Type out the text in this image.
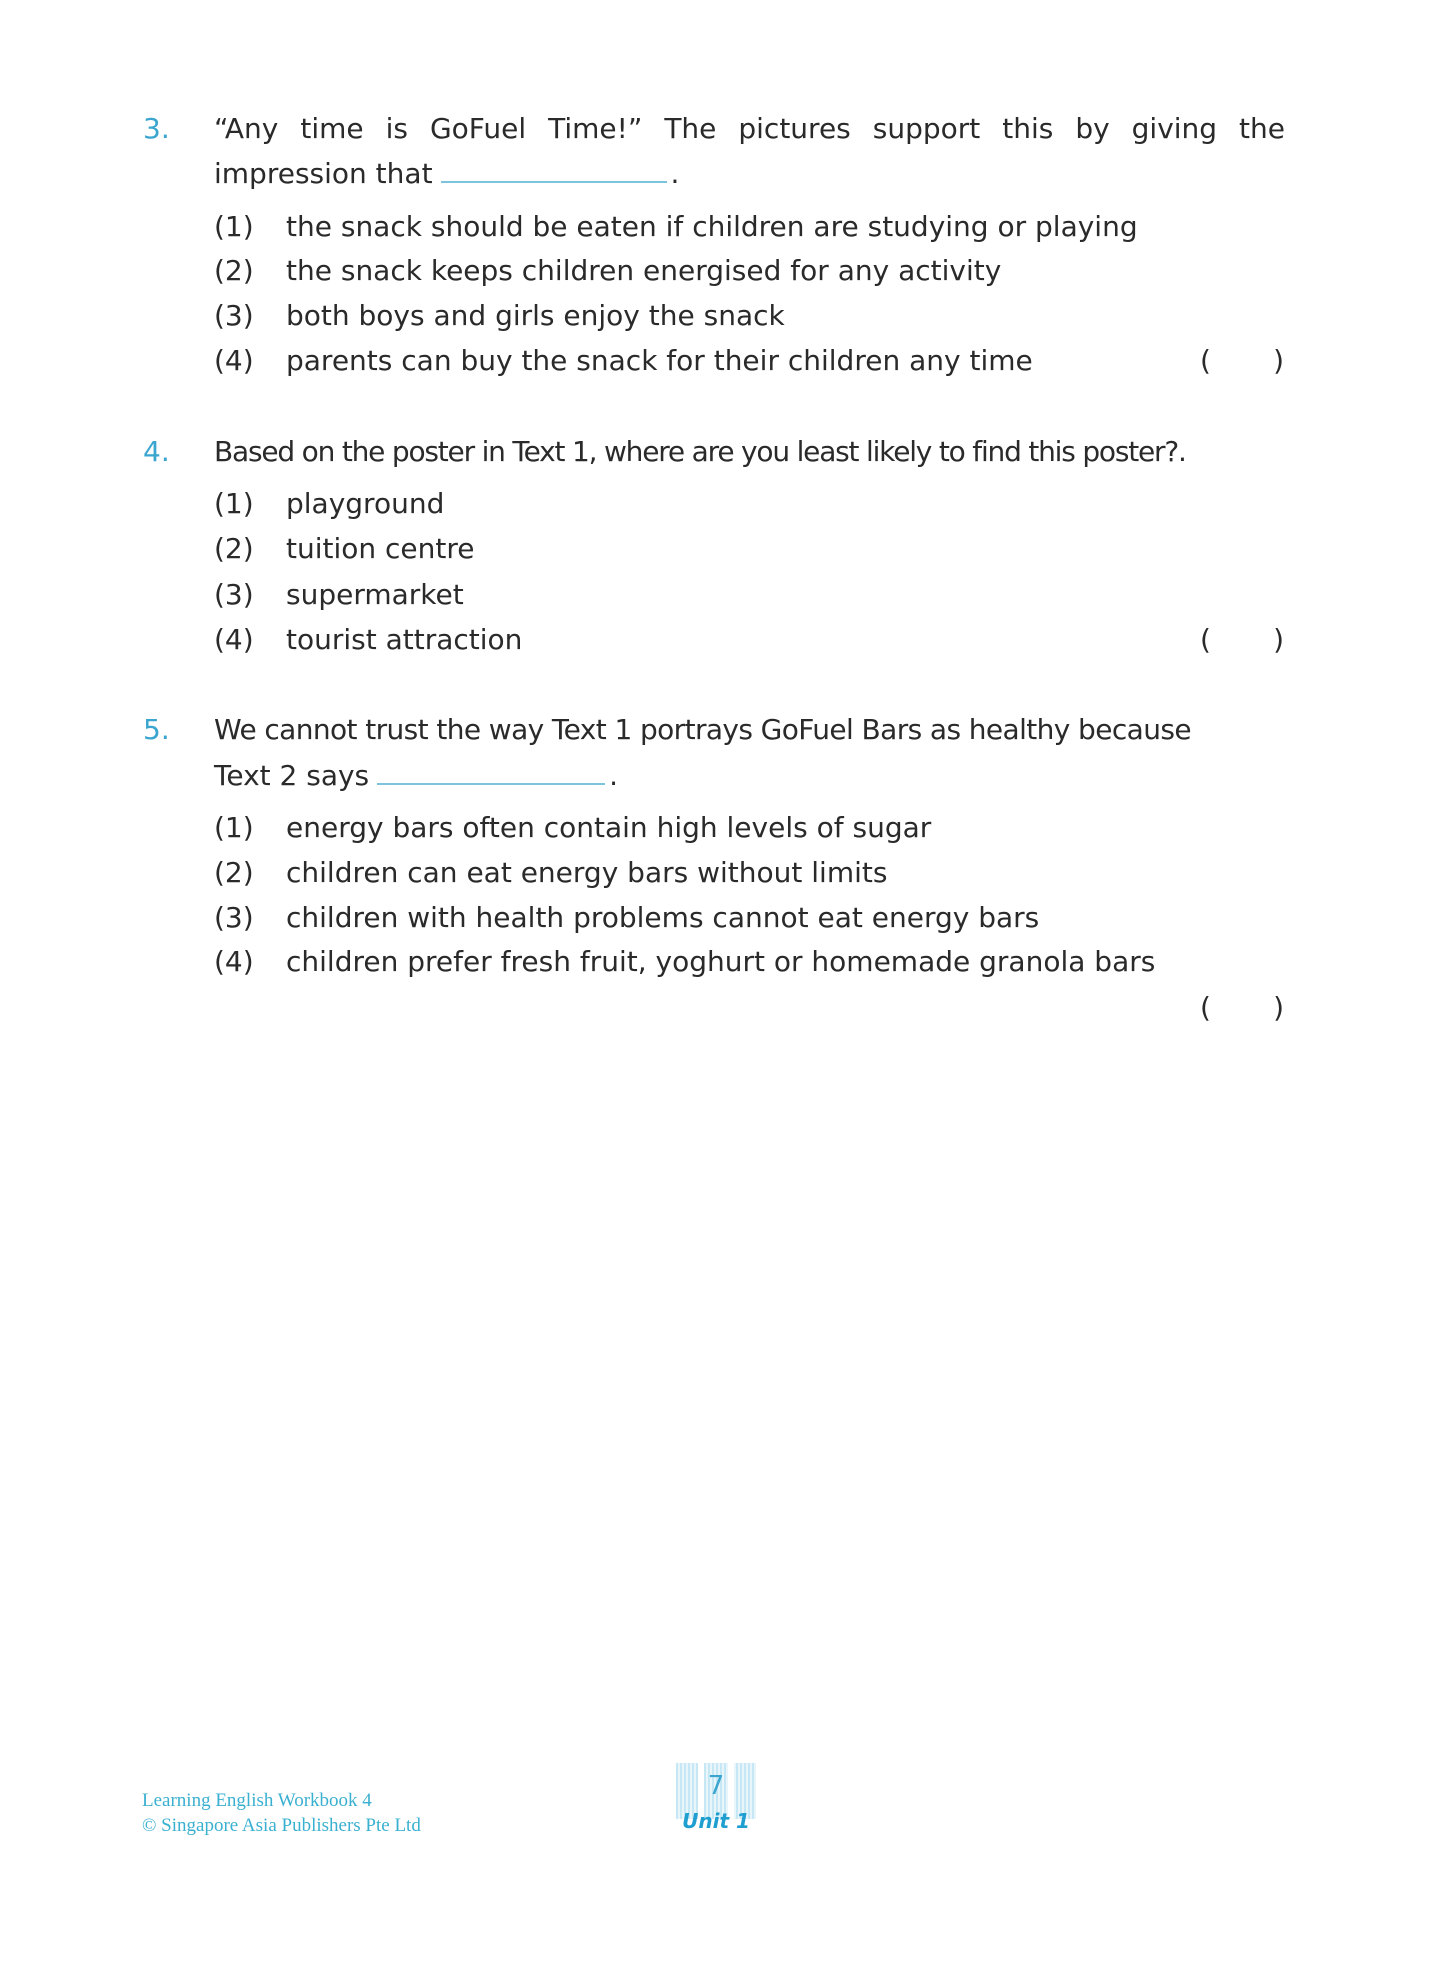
3. “Any time is GoFuel Time!” The pictures support this by giving the
impression that	.
(1) the snack should be eaten if children are studying or playing
(2) the snack keeps children energised for any activity
(3) both boys and girls enjoy the snack
(4) parents can buy the snack for their children any time	( )
4. Based on the poster in Text 1, where are you least likely to find this poster?.
(1) playground
(2) tuition centre
(3) supermarket
(4) tourist attraction	( )
5. We cannot trust the way Text 1 portrays GoFuel Bars as healthy because
Text 2 says	.
(1) energy bars often contain high levels of sugar
(2) children can eat energy bars without limits
(3) children with health problems cannot eat energy bars
(4) children prefer fresh fruit, yoghurt or homemade granola bars
( )
Learning English Workbook 4
© Singapore Asia Publishers Pte Ltd
7
Unit 1
